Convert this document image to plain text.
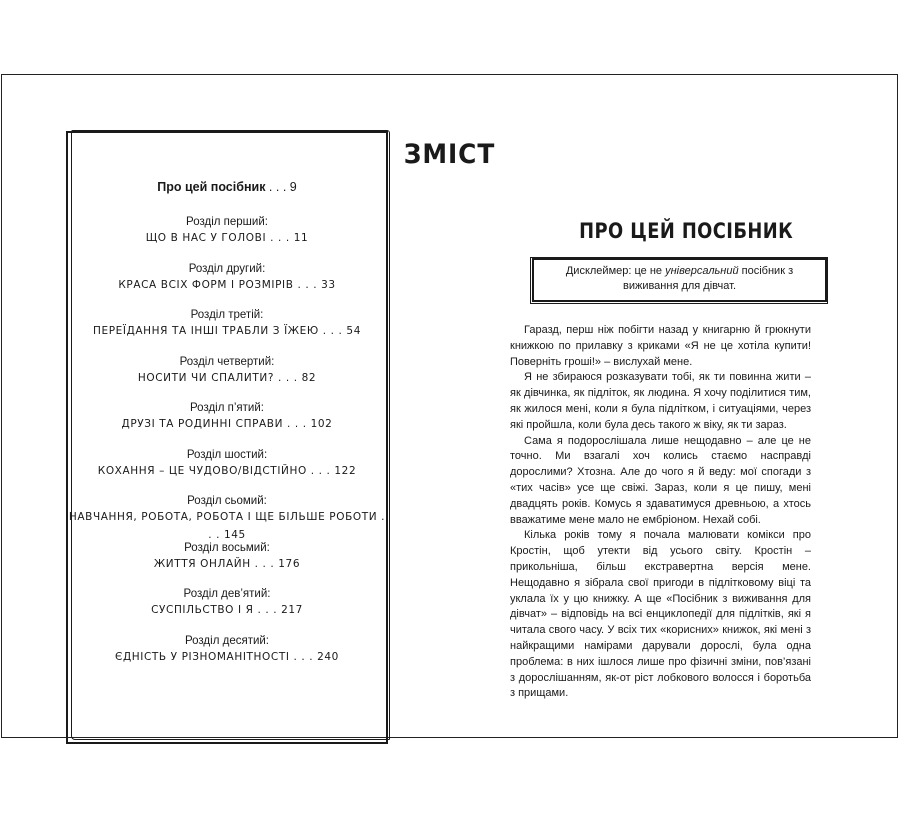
ЗМІСТ
Про цей посібник . . . 9
Розділ перший:
ЩО В НАС У ГОЛОВІ . . . 11
Розділ другий:
КРАСА ВСІХ ФОРМ І РОЗМІРІВ . . . 33
Розділ третій:
ПЕРЕЇДАННЯ ТА ІНШІ ТРАБЛИ З ЇЖЕЮ . . . 54
Розділ четвертий:
НОСИТИ ЧИ СПАЛИТИ? . . . 82
Розділ п’ятий:
ДРУЗІ ТА РОДИННІ СПРАВИ . . . 102
Розділ шостий:
КОХАННЯ – ЦЕ ЧУДОВО/ВІДСТІЙНО . . . 122
Розділ сьомий:
НАВЧАННЯ, РОБОТА, РОБОТА І ЩЕ БІЛЬШЕ РОБОТИ . . . 145
Розділ восьмий:
ЖИТТЯ ОНЛАЙН . . . 176
Розділ дев’ятий:
СУСПІЛЬСТВО І Я . . . 217
Розділ десятий:
ЄДНІСТЬ У РІЗНОМАНІТНОСТІ . . . 240
ПРО ЦЕЙ ПОСІБНИК
Дисклеймер: це не універсальний посібник з виживання для дівчат.

Гаразд, перш ніж побігти назад у книгарню й грюкнути книжкою по прилавку з криками «Я не це хотіла купити! Поверніть гроші!» – вислухай мене.

Я не збираюся розказувати тобі, як ти повинна жити – як дівчинка, як підліток, як людина. Я хочу поділитися тим, як жилося мені, коли я була підлітком, і ситуаціями, через які пройшла, коли була десь такого ж віку, як ти зараз.

Сама я подорослішала лише нещодавно – але це не точно. Ми взагалі хоч колись стаємо насправді дорослими? Хтозна. Але до чого я й веду: мої спогади з «тих часів» усе ще свіжі. Зараз, коли я це пишу, мені двадцять років. Комусь я здаватимуся древньою, а хтось вважатиме мене мало не ембріоном. Нехай собі.

Кілька років тому я почала малювати комікси про Кростін, щоб утекти від усього світу. Кростін – прикольніша, більш екстравертна версія мене. Нещодавно я зібрала свої пригоди в підлітковому віці та уклала їх у цю книжку. А ще «Посібник з виживання для дівчат» – відповідь на всі енциклопедії для підлітків, які я читала свого часу. У всіх тих «корисних» книжок, які мені з найкращими намірами дарували дорослі, була одна проблема: в них ішлося лише про фізичні зміни, пов’язані з дорослішанням, як-от ріст лобкового волосся і боротьба з прищами.
